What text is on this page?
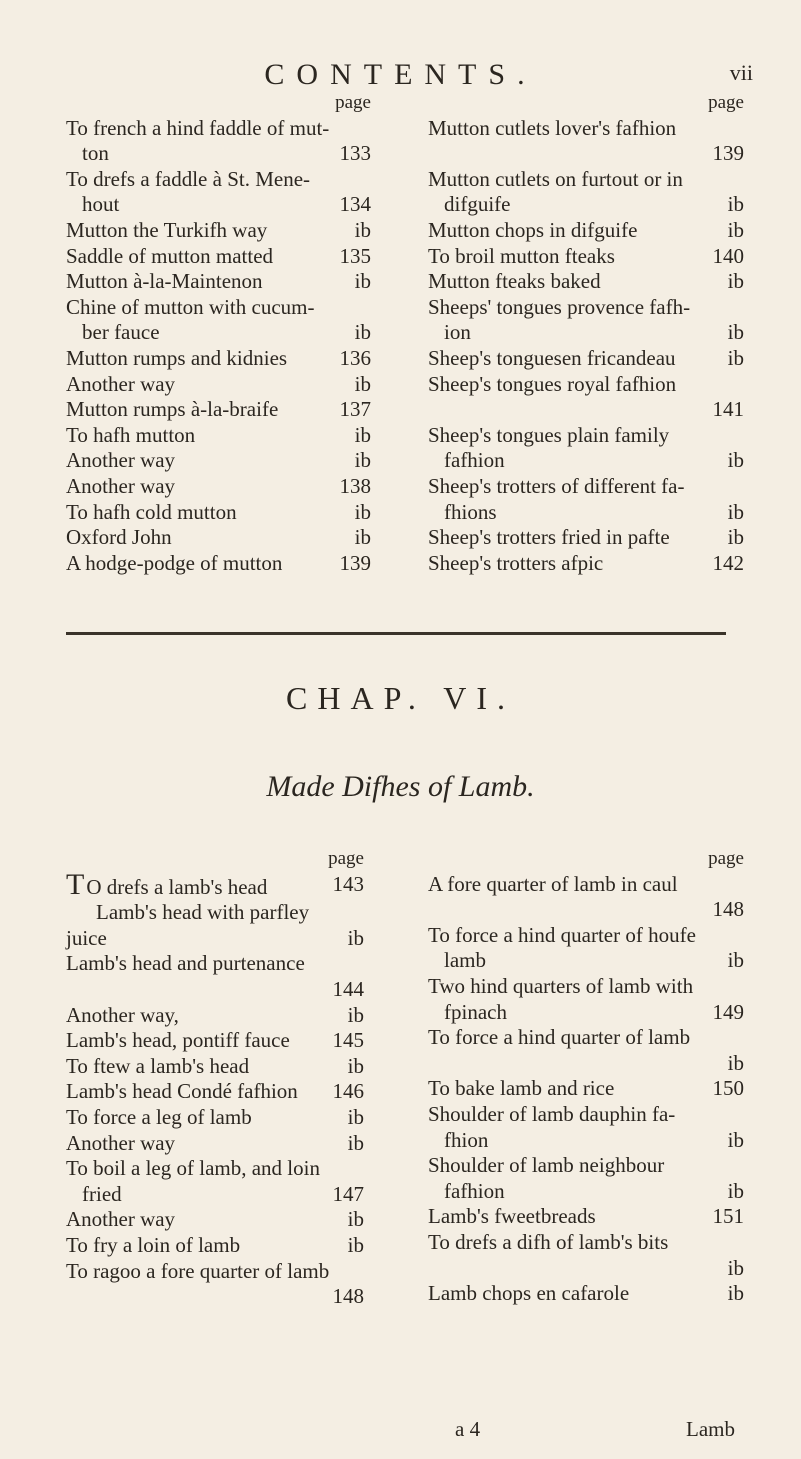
CONTENTS.	vii
page
To french a hind faddle of mut-
ton	133
To drefs a faddle à St. Mene-
hout	134
Mutton the Turkifh way	ib
Saddle of mutton matted	135
Mutton à-la-Maintenon	ib
Chine of mutton with cucum-
ber fauce	ib
Mutton rumps and kidnies 136
Another way	ib
Mutton rumps à-la-braife	137
To hafh mutton	ib
Another way	ib
Another way	138
To hafh cold mutton	ib
Oxford John	ib
A hodge-podge of mutton	139
page
Mutton cutlets lover's fafhion
139
Mutton cutlets on furtout or in
difguife	ib
Mutton chops in difguife	ib
To broil mutton fteaks	140
Mutton fteaks baked	ib
Sheeps' tongues provence fafh-
ion	ib
Sheep's tonguesen fricandeau ib
Sheep's tongues royal fafhion
141
Sheep's tongues plain family
fafhion	ib
Sheep's trotters of different fa-
fhions	ib
Sheep's trotters fried in pafte	ib
Sheep's trotters afpic	142
CHAP. VI.
Made Difhes of Lamb.
page
T O drefs a lamb's head	143
Lamb's head with parfley
juice	ib
Lamb's head and purtenance
144
Another way,	ib
Lamb's head, pontiff fauce 145
To ftew a lamb's head	ib
Lamb's head Condé fafhion 146
To force a leg of lamb	ib
Another way	ib
To boil a leg of lamb, and loin
fried	147
Another way	ib
To fry a loin of lamb	ib
To ragoo a fore quarter of lamb
148
page
A fore quarter of lamb in caul
148
To force a hind quarter of houfe
lamb	ib
Two hind quarters of lamb with
fpinach	149
To force a hind quarter of lamb
ib
To bake lamb and rice	150
Shoulder of lamb dauphin fa-
fhion	ib
Shoulder of lamb neighbour
fafhion	ib
Lamb's fweetbreads	151
To drefs a difh of lamb's bits
ib
Lamb chops en cafarole	ib
a 4	Lamb
